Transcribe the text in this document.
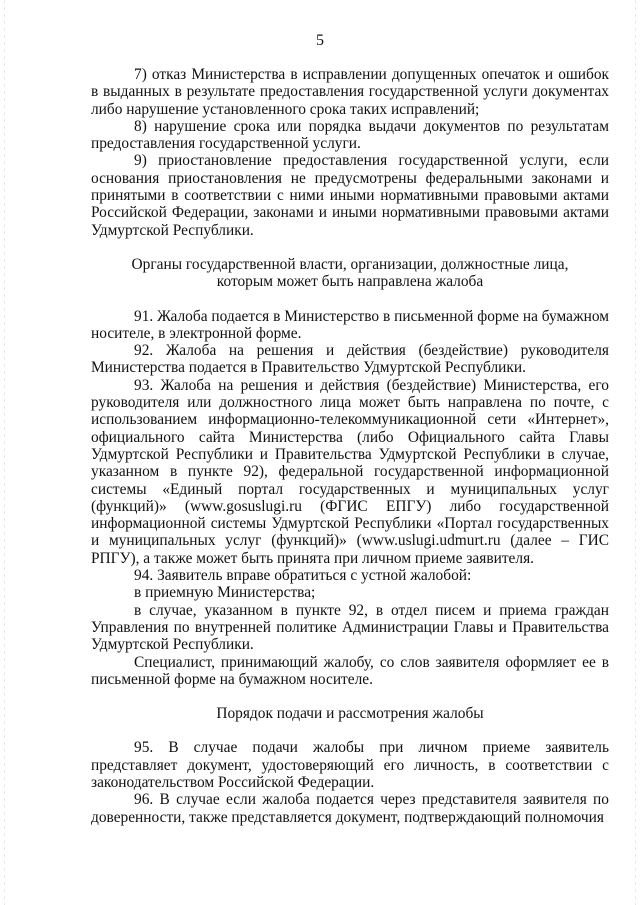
5

7) отказ Министерства в исправлении допущенных опечаток и ошибок в выданных в результате предоставления государственной услуги документах либо нарушение установленного срока таких исправлений;

8) нарушение срока или порядка выдачи документов по результатам предоставления государственной услуги.

9) приостановление предоставления государственной услуги, если основания приостановления не предусмотрены федеральными законами и принятыми в соответствии с ними иными нормативными правовыми актами Российской Федерации, законами и иными нормативными правовыми актами Удмуртской Республики.

Органы государственной власти, организации, должностные лица, которым может быть направлена жалоба

91. Жалоба подается в Министерство в письменной форме на бумажном носителе, в электронной форме.

92. Жалоба на решения и действия (бездействие) руководителя Министерства подается в Правительство Удмуртской Республики.

93. Жалоба на решения и действия (бездействие) Министерства, его руководителя или должностного лица может быть направлена по почте, с использованием информационно-телекоммуникационной сети «Интернет», официального сайта Министерства (либо Официального сайта Главы Удмуртской Республики и Правительства Удмуртской Республики в случае, указанном в пункте 92), федеральной государственной информационной системы «Единый портал государственных и муниципальных услуг (функций)» (www.gosuslugi.ru (ФГИС ЕПГУ) либо государственной информационной системы Удмуртской Республики «Портал государственных и муниципальных услуг (функций)» (www.uslugi.udmurt.ru (далее – ГИС РПГУ), а также может быть принята при личном приеме заявителя.

94. Заявитель вправе обратиться с устной жалобой:

в приемную Министерства;

в случае, указанном в пункте 92, в отдел писем и приема граждан Управления по внутренней политике Администрации Главы и Правительства Удмуртской Республики.

Специалист, принимающий жалобу, со слов заявителя оформляет ее в письменной форме на бумажном носителе.

Порядок подачи и рассмотрения жалобы

95. В случае подачи жалобы при личном приеме заявитель представляет документ, удостоверяющий его личность, в соответствии с законодательством Российской Федерации.

96. В случае если жалоба подается через представителя заявителя по доверенности, также представляется документ, подтверждающий полномочия
